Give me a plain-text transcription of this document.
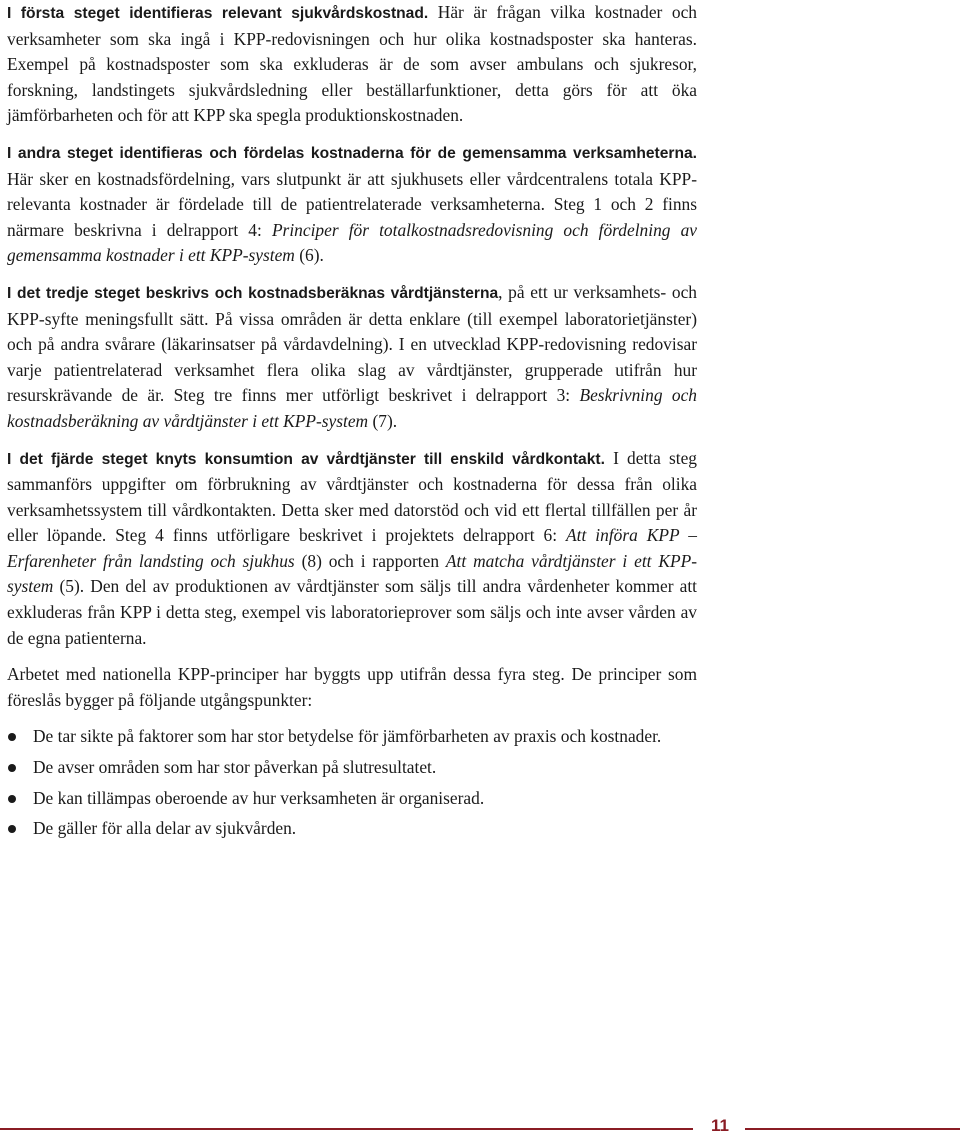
I första steget identifieras relevant sjukvårdskostnad. Här är frågan vilka kostnader och verksamheter som ska ingå i KPP-redovisningen och hur olika kostnadsposter ska hanteras. Exempel på kostnadsposter som ska exkluderas är de som avser ambulans och sjukresor, forskning, landstingets sjukvårdsledning eller beställarfunktioner, detta görs för att öka jämförbarheten och för att KPP ska spegla produktionskostnaden.

I andra steget identifieras och fördelas kostnaderna för de gemensamma verksamheterna. Här sker en kostnadsfördelning, vars slutpunkt är att sjukhusets eller vårdcentralens totala KPP-relevanta kostnader är fördelade till de patientrelaterade verksamheterna. Steg 1 och 2 finns närmare beskrivna i delrapport 4: Principer för totalkostnadsredovisning och fördelning av gemensamma kostnader i ett KPP-system (6).

I det tredje steget beskrivs och kostnadsberäknas vårdtjänsterna, på ett ur verksamhets- och KPP-syfte meningsfullt sätt. På vissa områden är detta enklare (till exempel laboratorietjänster) och på andra svårare (läkarinsatser på vårdavdelning). I en utvecklad KPP-redovisning redovisar varje patientrelaterad verksamhet flera olika slag av vårdtjänster, grupperade utifrån hur resurskrävande de är. Steg tre finns mer utförligt beskrivet i delrapport 3: Beskrivning och kostnadsberäkning av vårdtjänster i ett KPP-system (7).

I det fjärde steget knyts konsumtion av vårdtjänster till enskild vårdkontakt. I detta steg sammanförs uppgifter om förbrukning av vårdtjänster och kostnaderna för dessa från olika verksamhetssystem till vårdkontakten. Detta sker med datorstöd och vid ett flertal tillfällen per år eller löpande. Steg 4 finns utförligare beskrivet i projektets delrapport 6: Att införa KPP – Erfarenheter från landsting och sjukhus (8) och i rapporten Att matcha vårdtjänster i ett KPP-system (5). Den del av produktionen av vårdtjänster som säljs till andra vårdenheter kommer att exkluderas från KPP i detta steg, exempel vis laboratorieprover som säljs och inte avser vården av de egna patienterna.

Arbetet med nationella KPP-principer har byggts upp utifrån dessa fyra steg. De principer som föreslås bygger på följande utgångspunkter:

De tar sikte på faktorer som har stor betydelse för jämförbarheten av praxis och kostnader.
De avser områden som har stor påverkan på slutresultatet.
De kan tillämpas oberoende av hur verksamheten är organiserad.
De gäller för alla delar av sjukvården.
11
